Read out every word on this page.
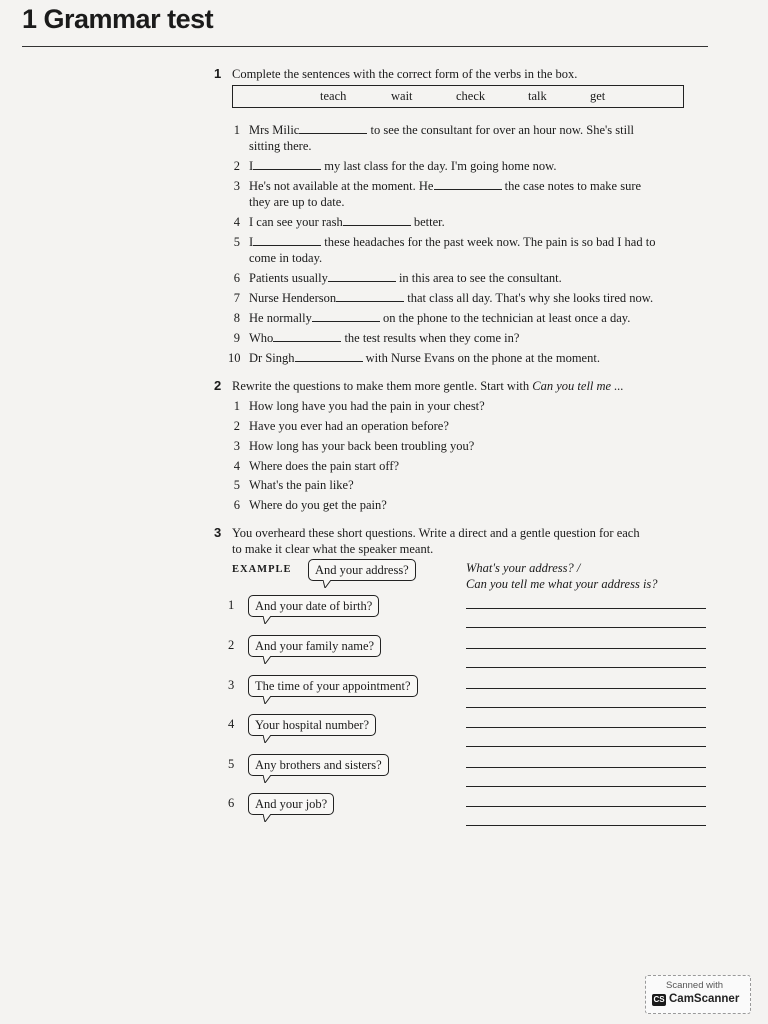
1 Grammar test
1 Complete the sentences with the correct form of the verbs in the box.
teach	wait	check	talk	get
1 Mrs Milic	to see the consultant for over an hour now. She's still
sitting there.
2 I	my last class for the day. I'm going home now.
3 He's not available at the moment. He	the case notes to make sure
they are up to date.
4 I can see your rash	better.
5 I	these headaches for the past week now. The pain is so bad I had to
come in today.
6 Patients usually	in this area to see the consultant.
7 Nurse Henderson	that class all day. That's why she looks tired now.
8 He normally	on the phone to the technician at least once a day.
9 Who	the test results when they come in?
10 Dr Singh	with Nurse Evans on the phone at the moment.
2 Rewrite the questions to make them more gentle. Start with Can you tell me ...
1 How long have you had the pain in your chest?
2 Have you ever had an operation before?
3 How long has your back been troubling you?
4 Where does the pain start off?
5 What's the pain like?
6 Where do you get the pain?
3 You overheard these short questions. Write a direct and a gentle question for each
to make it clear what the speaker meant.
EXAMPLE	And your address?	What's your address? /
Can you tell me what your address is?
1	And your date of birth?
2	And your family name?
3	The time of your appointment?
4	Your hospital number?
5	Any brothers and sisters?
6	And your job?
Scanned with
CS CamScanner
